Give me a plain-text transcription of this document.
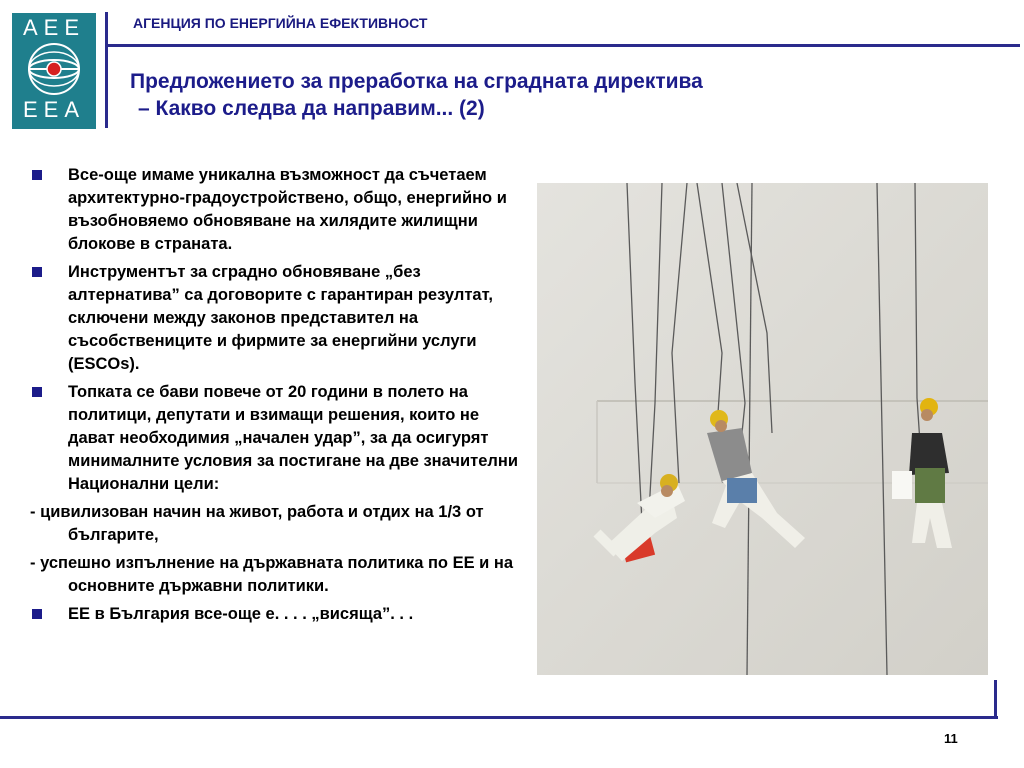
AEE
EEA
АГЕНЦИЯ ПО ЕНЕРГИЙНА ЕФЕКТИВНОСТ
Предложението за преработка на сградната директива
– Какво следва да направим... (2)
Все-още имаме уникална възможност да съчетаем архитектурно-градоустройствено, общо, енергийно и възобновяемо обновяване на хилядите жилищни блокове в страната.
Инструментът за сградно обновяване „без алтернатива” са договорите с гарантиран резултат, сключени между законов представител на съсобствениците и фирмите за енергийни услуги (ESCOs).
Топката се бави повече от 20 години в полето на политици, депутати и взимащи решения, които не дават необходимия „начален удар”, за да осигурят минималните условия за постигане на две значителни Национални цели:
- цивилизован начин на живот, работа и отдих на 1/3 от българите,
- успешно изпълнение на държавната политика по ЕЕ и на основните държавни политики.
ЕЕ в България все-още е. . . . „висяща”. . .
11
